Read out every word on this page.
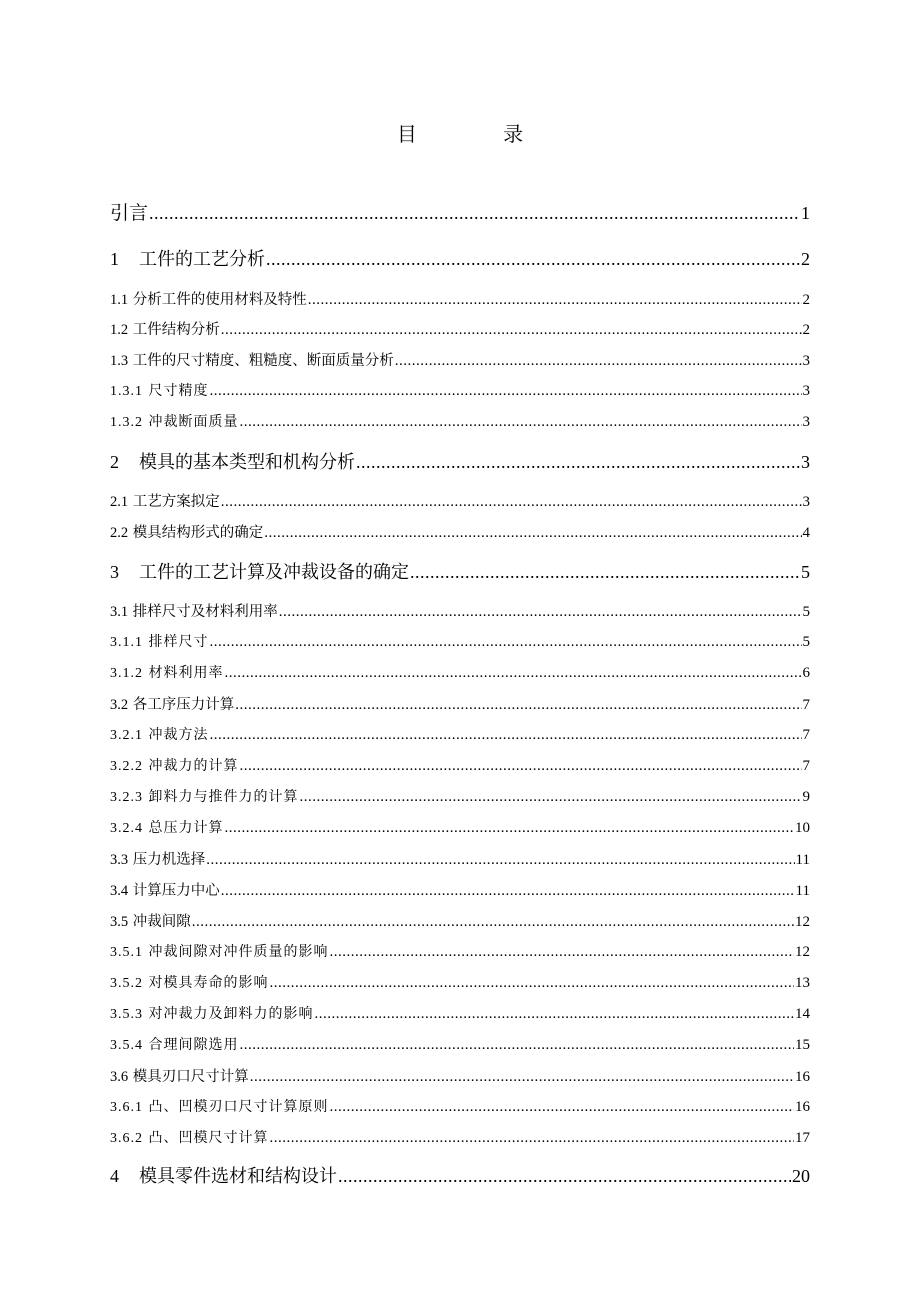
目 录
引言 .....	1
1 工件的工艺分析 .....	2
1.1 分析工件的使用材料及特性 .....	2
1.2 工件结构分析 .....	2
1.3 工件的尺寸精度、粗糙度、断面质量分析 .....	3
1.3.1 尺寸精度 .....	3
1.3.2 冲裁断面质量 .....	3
2 模具的基本类型和机构分析 .....	3
2.1 工艺方案拟定 .....	3
2.2 模具结构形式的确定 .....	4
3 工件的工艺计算及冲裁设备的确定 .....	5
3.1 排样尺寸及材料利用率 .....	5
3.1.1 排样尺寸 .....	5
3.1.2 材料利用率 .....	6
3.2 各工序压力计算 .....	7
3.2.1 冲裁方法 .....	7
3.2.2 冲裁力的计算 .....	7
3.2.3 卸料力与推件力的计算 .....	9
3.2.4 总压力计算 .....	10
3.3 压力机选择 .....	11
3.4 计算压力中心 .....	11
3.5 冲裁间隙 .....	12
3.5.1 冲裁间隙对冲件质量的影响 .....	12
3.5.2 对模具寿命的影响 .....	13
3.5.3 对冲裁力及卸料力的影响 .....	14
3.5.4 合理间隙选用 .....	15
3.6 模具刃口尺寸计算 .....	16
3.6.1 凸、凹模刃口尺寸计算原则 .....	16
3.6.2 凸、凹模尺寸计算 .....	17
4 模具零件选材和结构设计 .....	20
